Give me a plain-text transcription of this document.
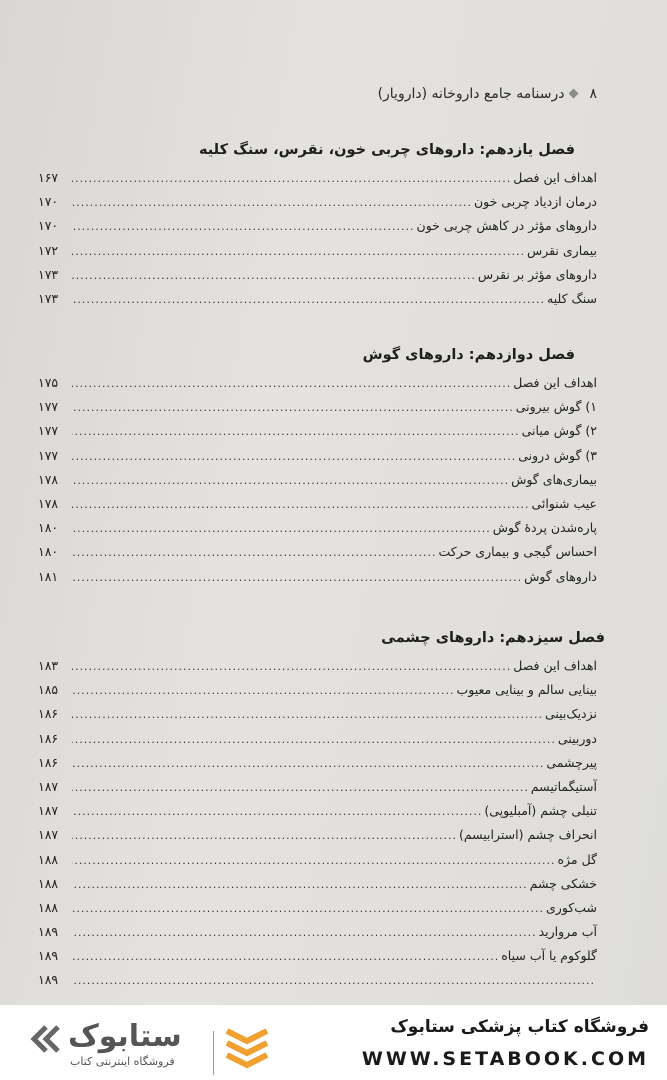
۸درسنامه جامع داروخانه (دارویار)
فصل یازدهم: داروهای چربی خون، نقرس، سنگ کلیه
اهداف این فصل
.....
۱۶۷
درمان ازدیاد چربی خون
.....
۱۷۰
داروهای مؤثر در کاهش چربی خون
.....
۱۷۰
بیماری نقرس
.....
۱۷۲
داروهای مؤثر بر نقرس
.....
۱۷۳
سنگ کلیه
.....
۱۷۳
فصل دوازدهم: داروهای گوش
اهداف این فصل
.....
۱۷۵
۱) گوش بیرونی
.....
۱۷۷
۲) گوش میانی
.....
۱۷۷
۳) گوش درونی
.....
۱۷۷
بیماری‌های گوش
.....
۱۷۸
عیب شنوائی
.....
۱۷۸
پاره‌شدن پردهٔ گوش
.....
۱۸۰
احساس گیجی و بیماری حرکت
.....
۱۸۰
داروهای گوش
.....
۱۸۱
فصل سیزدهم: داروهای چشمی
اهداف این فصل
.....
۱۸۳
بینایی سالم و بینایی معیوب
.....
۱۸۵
نزدیک‌بینی
.....
۱۸۶
دوربینی
.....
۱۸۶
پیرچشمی
.....
۱۸۶
آستیگماتیسم
.....
۱۸۷
تنبلی چشم (آمبلیوپی)
.....
۱۸۷
انحراف چشم (استرابیسم)
.....
۱۸۷
گل مژه
.....
۱۸۸
خشکی چشم
.....
۱۸۸
شب‌کوری
.....
۱۸۸
آب مروارید
.....
۱۸۹
گلوکوم یا آب سیاه
.....
۱۸۹
.....
۱۸۹
ستابوک
فروشگاه اینترنتی کتاب
فروشگاه کتاب پزشکی ستابوک
WWW.SETABOOK.COM
